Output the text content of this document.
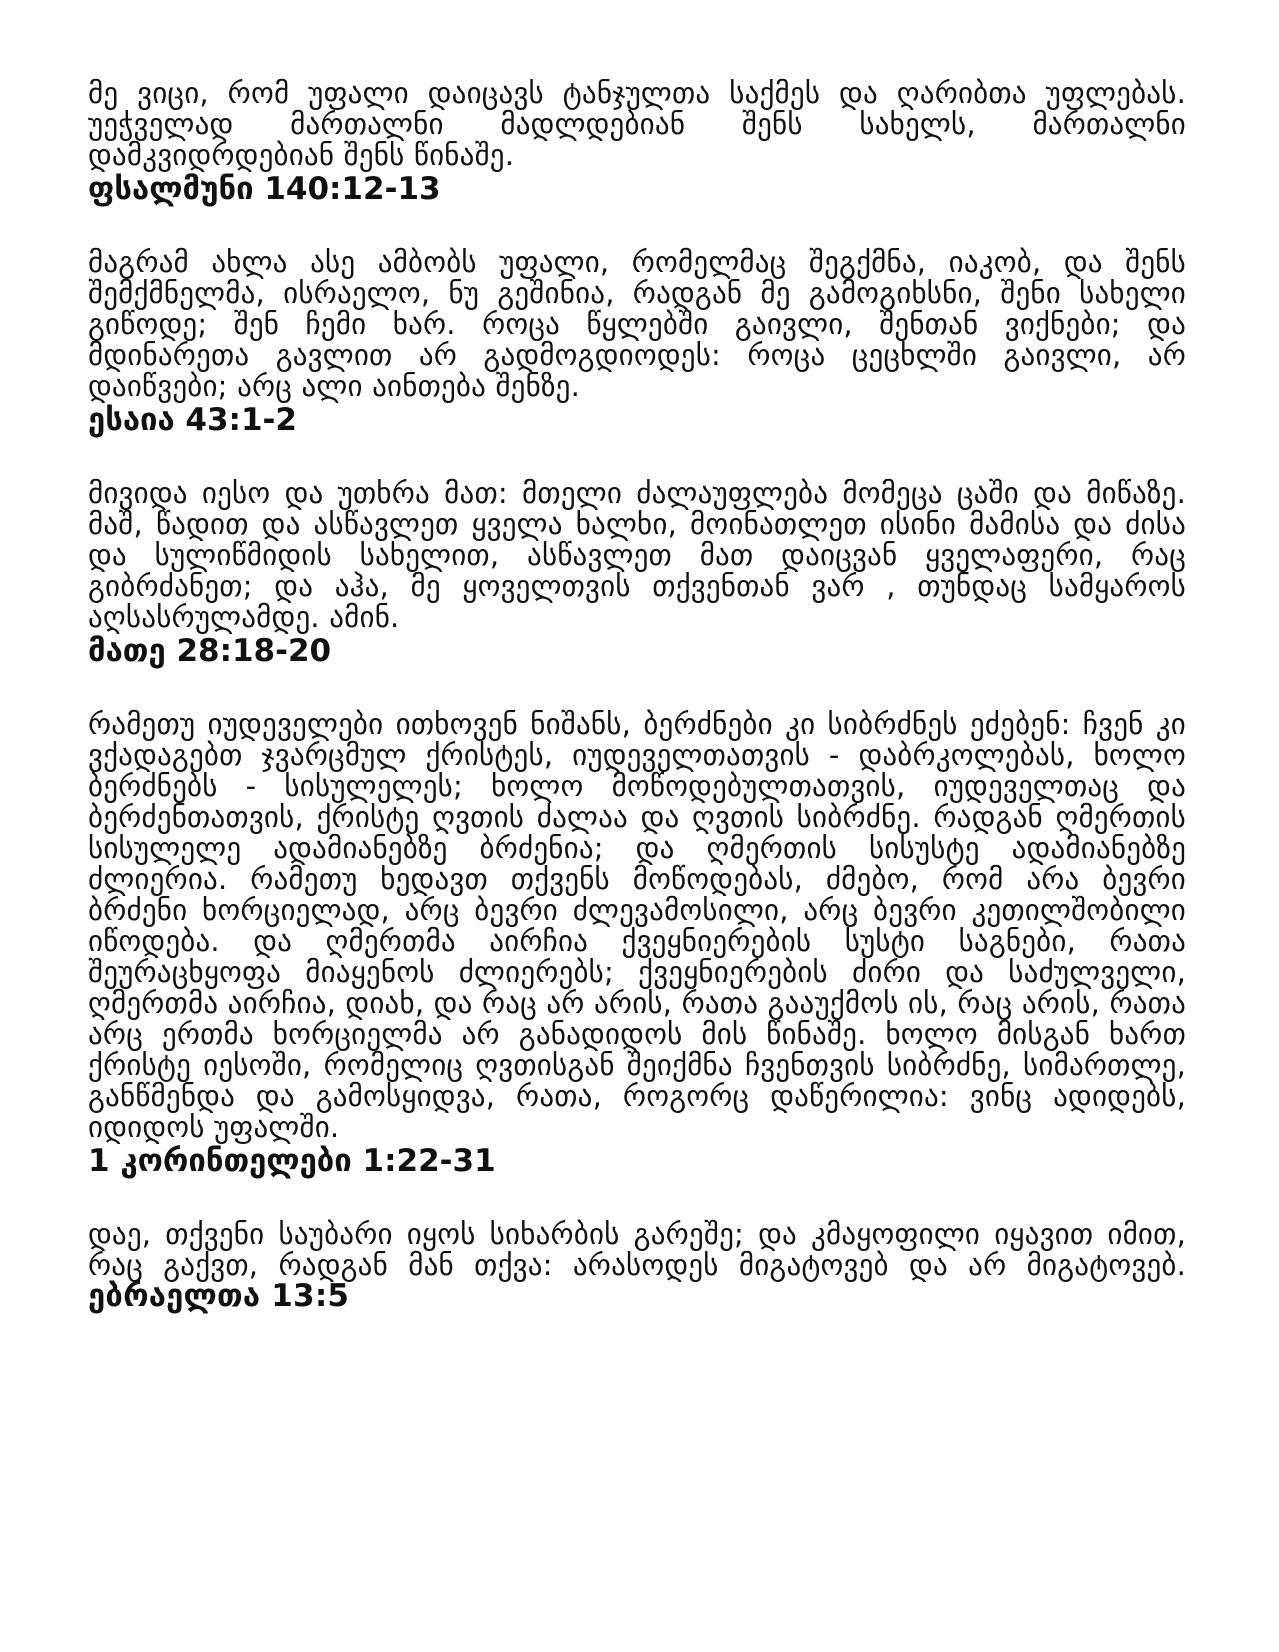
მე ვიცი, რომ უფალი დაიცავს ტანჯულთა საქმეს და ღარიბთა უფლებას. უეჭველად მართალნი მადლდებიან შენს სახელს, მართალნი დამკვიდრდებიან შენს წინაშე.

ფსალმუნი 140:12-13

მაგრამ ახლა ასე ამბობს უფალი, რომელმაც შეგქმნა, იაკობ, და შენს შემქმნელმა, ისრაელო, ნუ გეშინია, რადგან მე გამოგიხსნი, შენი სახელი გიწოდე; შენ ჩემი ხარ. როცა წყლებში გაივლი, შენთან ვიქნები; და მდინარეთა გავლით არ გადმოგდიოდეს: როცა ცეცხლში გაივლი, არ დაიწვები; არც ალი აინთება შენზე.

ესაია 43:1-2

მივიდა იესო და უთხრა მათ: მთელი ძალაუფლება მომეცა ცაში და მიწაზე. მაშ, წადით და ასწავლეთ ყველა ხალხი, მოინათლეთ ისინი მამისა და ძისა და სულიწმიდის სახელით, ასწავლეთ მათ დაიცვან ყველაფერი, რაც გიბრძანეთ; და აჰა, მე ყოველთვის თქვენთან ვარ , თუნდაც სამყაროს აღსასრულამდე. ამინ.

მათე 28:18-20

რამეთუ იუდეველები ითხოვენ ნიშანს, ბერძნები კი სიბრძნეს ეძებენ: ჩვენ კი ვქადაგებთ ჯვარცმულ ქრისტეს, იუდეველთათვის - დაბრკოლებას, ხოლო ბერძნებს - სისულელეს; ხოლო მოწოდებულთათვის, იუდეველთაც და ბერძენთათვის, ქრისტე ღვთის ძალაა და ღვთის სიბრძნე. რადგან ღმერთის სისულელე ადამიანებზე ბრძენია; და ღმერთის სისუსტე ადამიანებზე ძლიერია. რამეთუ ხედავთ თქვენს მოწოდებას, ძმებო, რომ არა ბევრი ბრძენი ხორციელად, არც ბევრი ძლევამოსილი, არც ბევრი კეთილშობილი იწოდება. და ღმერთმა აირჩია ქვეყნიერების სუსტი საგნები, რათა შეურაცხყოფა მიაყენოს ძლიერებს; ქვეყნიერების ძირი და საძულველი, ღმერთმა აირჩია, დიახ, და რაც არ არის, რათა გააუქმოს ის, რაც არის, რათა არც ერთმა ხორციელმა არ განადიდოს მის წინაშე. ხოლო მისგან ხართ ქრისტე იესოში, რომელიც ღვთისგან შეიქმნა ჩვენთვის სიბრძნე, სიმართლე, განწმენდა და გამოსყიდვა, რათა, როგორც დაწერილია: ვინც ადიდებს, იდიდოს უფალში.

1 კორინთელები 1:22-31

დაე, თქვენი საუბარი იყოს სიხარბის გარეშე; და კმაყოფილი იყავით იმით, რაც გაქვთ, რადგან მან თქვა: არასოდეს მიგატოვებ და არ მიგატოვებ. ებრაელთა 13:5
